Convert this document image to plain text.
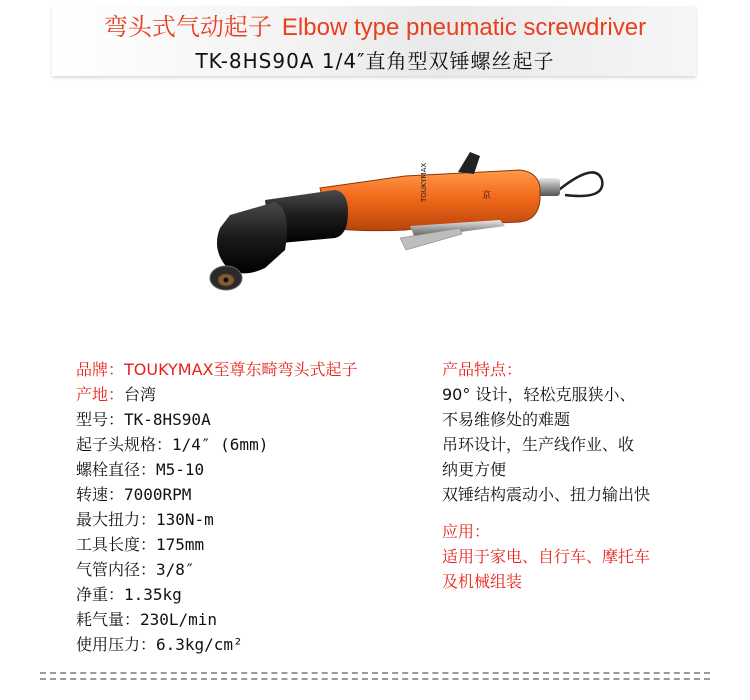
弯头式气动起子 Elbow type pneumatic screwdriver
TK-8HS90A 1/4″直角型双锤螺丝起子
TOUKYMAX	京
品牌：TOUKYMAX至尊东畸弯头式起子
产地：台湾
型号：TK-8HS90A
起子头规格：1/4″ (6mm)
螺栓直径：M5-10
转速：7000RPM
最大扭力：130N-m
工具长度：175mm
气管内径：3/8″
净重：1.35kg
耗气量：230L/min
使用压力：6.3kg/cm²
产品特点：
90° 设计，轻松克服狭小、
不易维修处的难题
吊环设计，生产线作业、收
纳更方便
双锤结构震动小、扭力输出快
应用：
适用于家电、自行车、摩托车
及机械组装
